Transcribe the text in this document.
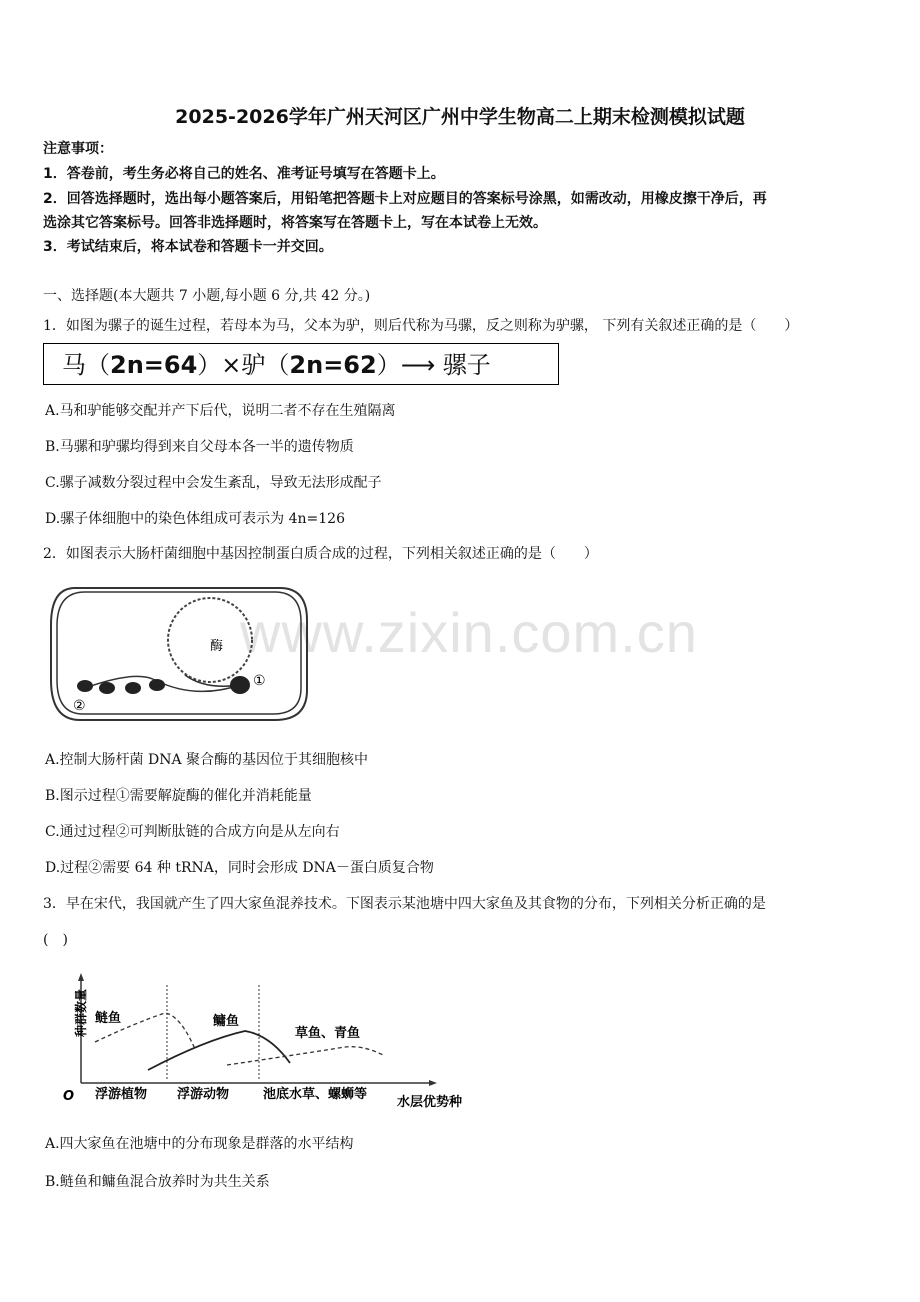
www.zixin.com.cn
2025-2026学年广州天河区广州中学生物高二上期末检测模拟试题
注意事项：
1．答卷前，考生务必将自己的姓名、准考证号填写在答题卡上。
2．回答选择题时，选出每小题答案后，用铅笔把答题卡上对应题目的答案标号涂黑，如需改动，用橡皮擦干净后，再
选涂其它答案标号。回答非选择题时，将答案写在答题卡上，写在本试卷上无效。
3．考试结束后，将本试卷和答题卡一并交回。
一、选择题(本大题共 7 小题,每小题 6 分,共 42 分。)
1．如图为骡子的诞生过程，若母本为马，父本为驴，则后代称为马骡，反之则称为驴骡， 下列有关叙述正确的是（　　）
马（2n=64）×驴（2n=62）⟶ 骡子
A.马和驴能够交配并产下后代，说明二者不存在生殖隔离
B.马骡和驴骡均得到来自父母本各一半的遗传物质
C.骡子减数分裂过程中会发生紊乱，导致无法形成配子
D.骡子体细胞中的染色体组成可表示为 4n=126
2．如图表示大肠杆菌细胞中基因控制蛋白质合成的过程，下列相关叙述正确的是（　　）
酶
①
②
A.控制大肠杆菌 DNA 聚合酶的基因位于其细胞核中
B.图示过程①需要解旋酶的催化并消耗能量
C.通过过程②可判断肽链的合成方向是从左向右
D.过程②需要 64 种 tRNA，同时会形成 DNA－蛋白质复合物
3．早在宋代，我国就产生了四大家鱼混养技术。下图表示某池塘中四大家鱼及其食物的分布，下列相关分析正确的是
(　)
种群数量
O
鲢鱼	鳙鱼
草鱼、青鱼
浮游植物 浮游动物	池底水草、螺蛳等
水层优势种
A.四大家鱼在池塘中的分布现象是群落的水平结构
B.鲢鱼和鳙鱼混合放养时为共生关系
